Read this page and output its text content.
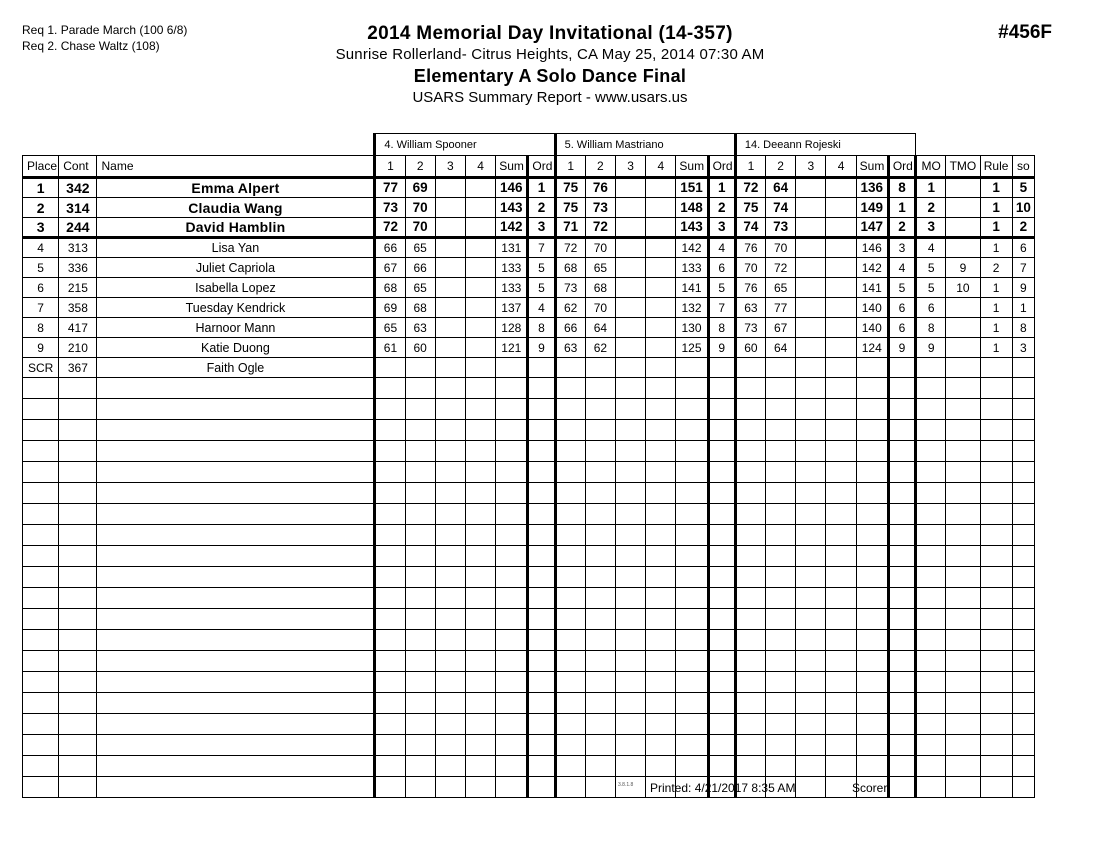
Req 1. Parade March (100 6/8)
Req 2. Chase Waltz (108)
#456F
2014 Memorial Day Invitational (14-357)
Sunrise Rollerland- Citrus Heights, CA May 25, 2014 07:30 AM
Elementary A Solo Dance Final
USARS Summary Report - www.usars.us
			4. William Spooner						5. William Mastriano						14. Deeann Rojeski									
Place	Cont	Name	1	2	3	4	Sum	Ord	1	2	3	4	Sum	Ord	1	2	3	4	Sum	Ord	MO	TMO	Rule	so
1	342	Emma Alpert	77	69			146	1	75	76			151	1	72	64			136	8	1		1	5
2	314	Claudia Wang	73	70			143	2	75	73			148	2	75	74			149	1	2		1	10
3	244	David Hamblin	72	70			142	3	71	72			143	3	74	73			147	2	3		1	2
4	313	Lisa Yan	66	65			131	7	72	70			142	4	76	70			146	3	4		1	6
5	336	Juliet Capriola	67	66			133	5	68	65			133	6	70	72			142	4	5	9	2	7
6	215	Isabella Lopez	68	65			133	5	73	68			141	5	76	65			141	5	5	10	1	9
7	358	Tuesday Kendrick	69	68			137	4	62	70			132	7	63	77			140	6	6		1	1
8	417	Harnoor Mann	65	63			128	8	66	64			130	8	73	67			140	6	8		1	8
9	210	Katie Duong	61	60			121	9	63	62			125	9	60	64			124	9	9		1	3
SCR	367	Faith Ogle																						

3.8.1.8 Printed: 4/21/2017 8:35 AM	Scorer:
